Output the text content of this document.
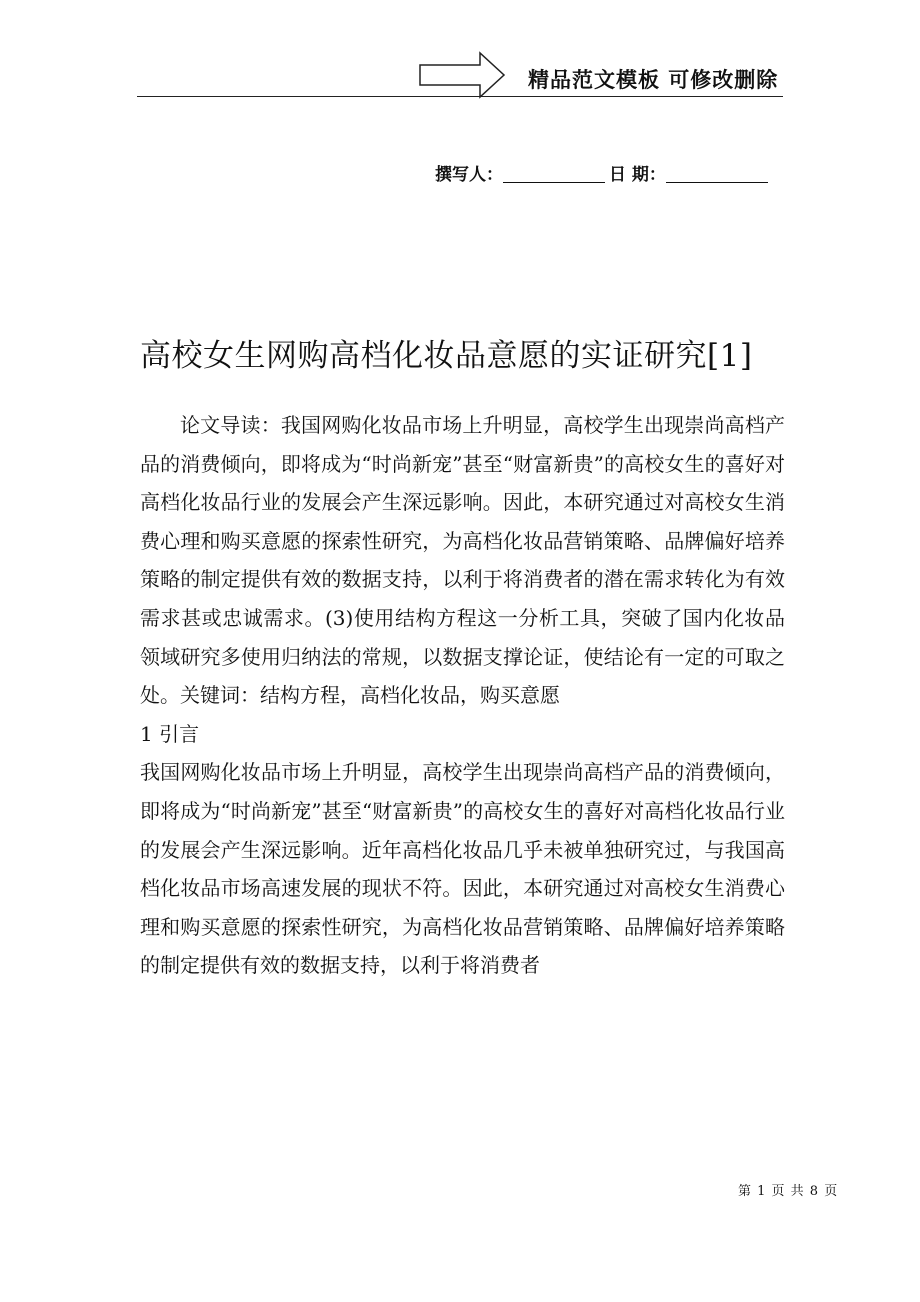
精品范文模板 可修改删除
撰写人：	日 期：
高校女生网购高档化妆品意愿的实证研究[1]

论文导读：我国网购化妆品市场上升明显，高校学生出现崇尚高档产品的消费倾向，即将成为“时尚新宠”甚至“财富新贵”的高校女生的喜好对高档化妆品行业的发展会产生深远影响。因此，本研究通过对高校女生消费心理和购买意愿的探索性研究，为高档化妆品营销策略、品牌偏好培养策略的制定提供有效的数据支持，以利于将消费者的潜在需求转化为有效需求甚或忠诚需求。(3)使用结构方程这一分析工具，突破了国内化妆品领域研究多使用归纳法的常规，以数据支撑论证，使结论有一定的可取之处。关键词：结构方程，高档化妆品，购买意愿

1 引言

我国网购化妆品市场上升明显，高校学生出现崇尚高档产品的消费倾向，即将成为“时尚新宠”甚至“财富新贵”的高校女生的喜好对高档化妆品行业的发展会产生深远影响。近年高档化妆品几乎未被单独研究过，与我国高档化妆品市场高速发展的现状不符。因此，本研究通过对高校女生消费心理和购买意愿的探索性研究，为高档化妆品营销策略、品牌偏好培养策略的制定提供有效的数据支持，以利于将消费者

第 1 页 共 8 页
